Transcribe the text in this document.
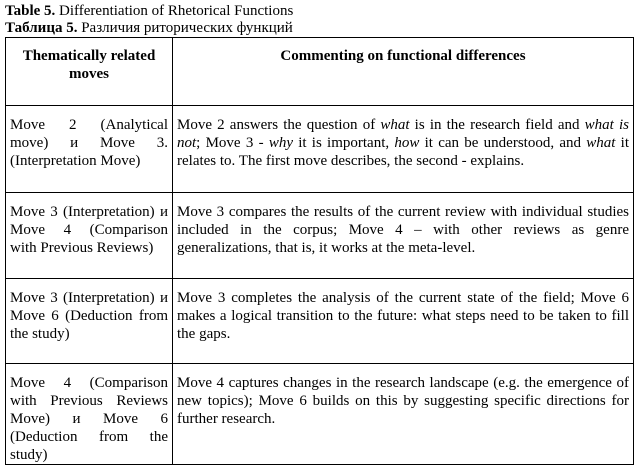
Table 5. Differentiation of Rhetorical Functions
Таблица 5. Различия риторических функций
Thematically related moves	Commenting on functional differences
Move 2 (Analytical move) и Move 3. (Interpretation Move)	Move 2 answers the question of what is in the research field and what is not; Move 3 - why it is important, how it can be understood, and what it relates to. The first move describes, the second - explains.
Move 3 (Interpretation) и Move 4 (Comparison with Previous Reviews)	Move 3 compares the results of the current review with individual studies included in the corpus; Move 4 – with other reviews as genre generalizations, that is, it works at the meta-level.
Move 3 (Interpretation) и Move 6 (Deduction from the study)	Move 3 completes the analysis of the current state of the field; Move 6 makes a logical transition to the future: what steps need to be taken to fill the gaps.
Move 4 (Comparison with Previous Reviews Move) и Move 6 (Deduction from the study)	Move 4 captures changes in the research landscape (e.g. the emergence of new topics); Move 6 builds on this by suggesting specific directions for further research.
